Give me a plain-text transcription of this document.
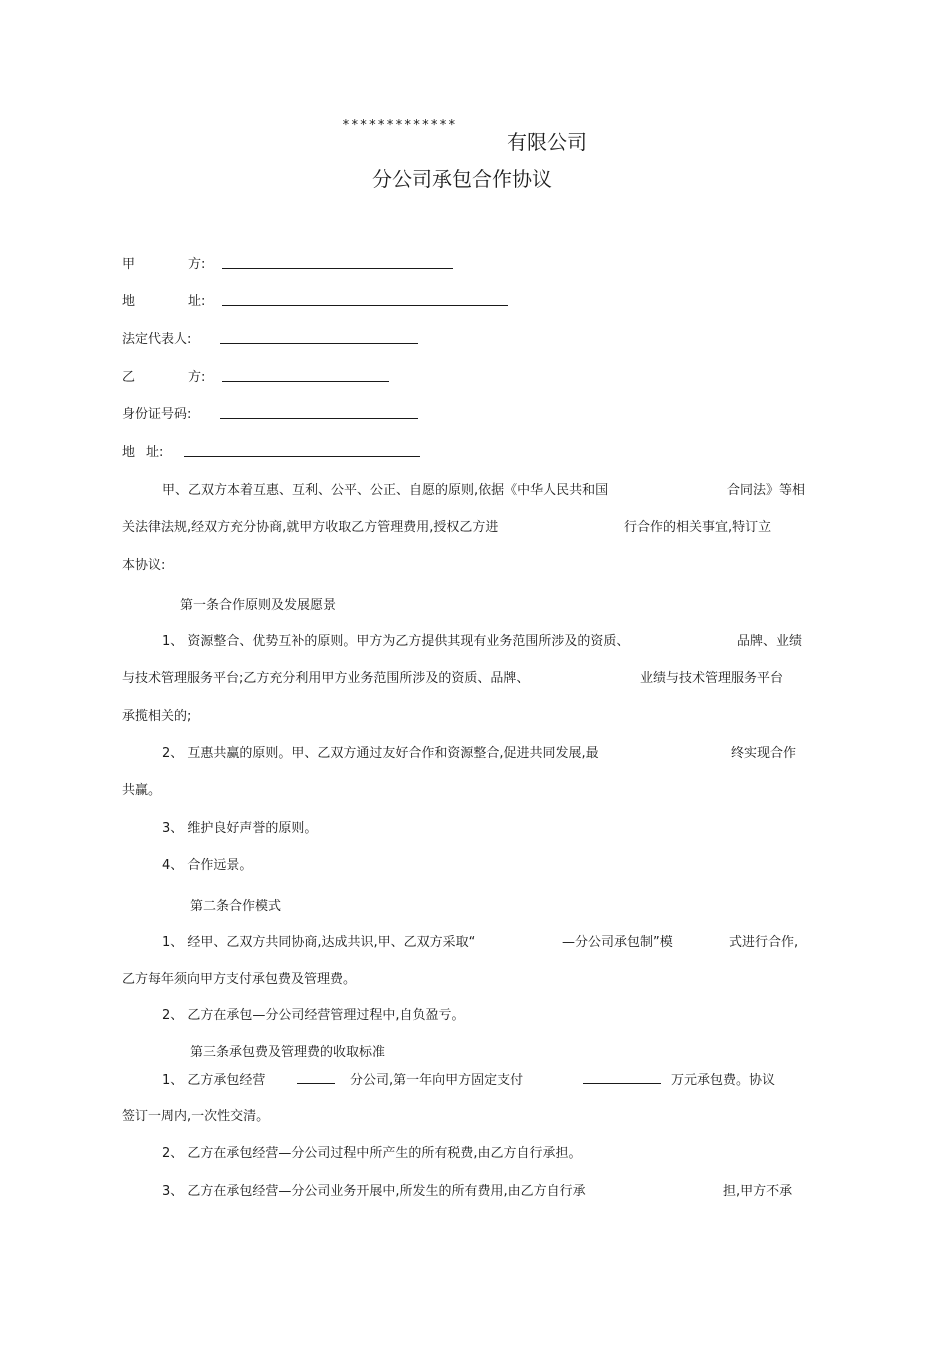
*************
有限公司
分公司承包合作协议
甲	方:
地	址:
法定代表人:
乙	方:
身份证号码:
地 址:
甲、乙双方本着互惠、互利、公平、公正、自愿的原则,依据《中华人民共和国	合同法》等相
关法律法规,经双方充分协商,就甲方收取乙方管理费用,授权乙方进	行合作的相关事宜,特订立
本协议:
第一条合作原则及发展愿景
1、 资源整合、优势互补的原则。甲方为乙方提供其现有业务范围所涉及的资质、	品牌、业绩
与技术管理服务平台;乙方充分利用甲方业务范围所涉及的资质、品牌、	业绩与技术管理服务平台
承揽相关的;
2、 互惠共赢的原则。甲、乙双方通过友好合作和资源整合,促进共同发展,最	终实现合作
共赢。
3、 维护良好声誉的原则。
4、 合作远景。
第二条合作模式
1、 经甲、乙双方共同协商,达成共识,甲、乙双方采取“	—分公司承包制”模	式进行合作,
乙方每年须向甲方支付承包费及管理费。
2、 乙方在承包—分公司经营管理过程中,自负盈亏。
第三条承包费及管理费的收取标准
1、 乙方承包经营	分公司,第一年向甲方固定支付	万元承包费。协议
签订一周内,一次性交清。
2、 乙方在承包经营—分公司过程中所产生的所有税费,由乙方自行承担。
3、 乙方在承包经营—分公司业务开展中,所发生的所有费用,由乙方自行承	担,甲方不承
